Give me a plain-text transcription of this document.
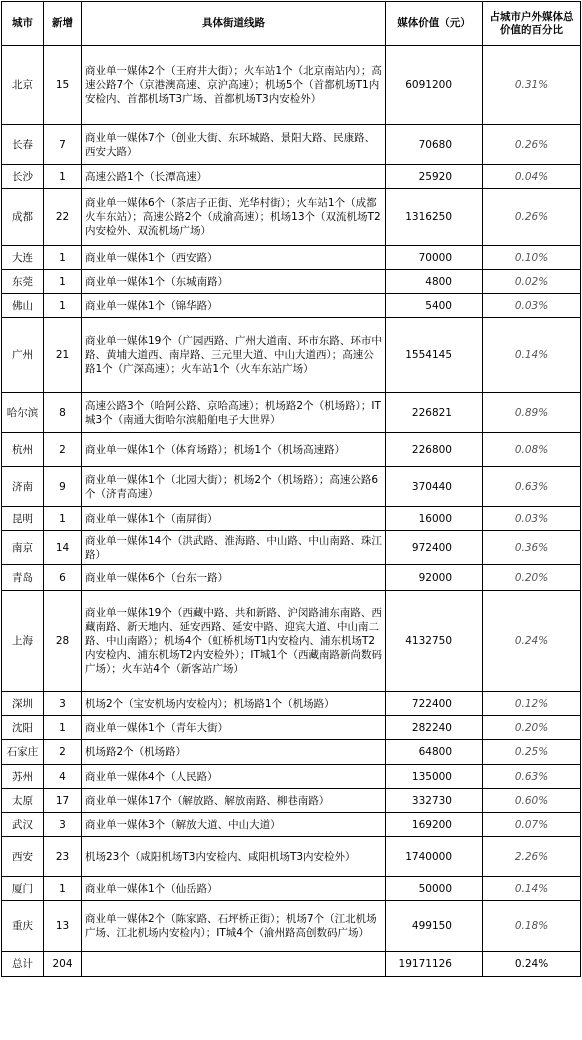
城市	新增	具体街道线路	媒体价值（元）	占城市户外媒体总价值的百分比
北京	15	商业单一媒体2个（王府井大街）；火车站1个（北京南站内）；高速公路7个（京港澳高速、京沪高速）；机场5个（首都机场T1内安检内、首都机场T3广场、首都机场T3内安检外）	6091200	0.31%
长春	7	商业单一媒体7个（创业大街、东环城路、景阳大路、民康路、西安大路）	70680	0.26%
长沙	1	高速公路1个（长潭高速）	25920	0.04%
成都	22	商业单一媒体6个（茶店子正街、光华村街）；火车站1个（成都火车东站）；高速公路2个（成渝高速）；机场13个（双流机场T2内安检外、双流机场广场）	1316250	0.26%
大连	1	商业单一媒体1个（西安路）	70000	0.10%
东莞	1	商业单一媒体1个（东城南路）	4800	0.02%
佛山	1	商业单一媒体1个（锦华路）	5400	0.03%
广州	21	商业单一媒体19个（广园西路、广州大道南、环市东路、环市中路、黄埔大道西、南岸路、三元里大道、中山大道西）；高速公路1个（广深高速）；火车站1个（火车东站广场）	1554145	0.14%
哈尔滨	8	高速公路3个（哈阿公路、京哈高速）；机场路2个（机场路）；IT城3个（南通大街哈尔滨船舶电子大世界）	226821	0.89%
杭州	2	商业单一媒体1个（体育场路）；机场1个（机场高速路）	226800	0.08%
济南	9	商业单一媒体1个（北园大街）；机场2个（机场路）；高速公路6个（济青高速）	370440	0.63%
昆明	1	商业单一媒体1个（南屏街）	16000	0.03%
南京	14	商业单一媒体14个（洪武路、淮海路、中山路、中山南路、珠江路）	972400	0.36%
青岛	6	商业单一媒体6个（台东一路）	92000	0.20%
上海	28	商业单一媒体19个（西藏中路、共和新路、沪闵路浦东南路、西藏南路、新天地内、延安西路、延安中路、迎宾大道、中山南二路、中山南路）；机场4个（虹桥机场T1内安检内、浦东机场T2内安检内、浦东机场T2内安检外）；IT城1个（西藏南路新尚数码广场）；火车站4个（新客站广场）	4132750	0.24%
深圳	3	机场2个（宝安机场内安检内）；机场路1个（机场路）	722400	0.12%
沈阳	1	商业单一媒体1个（青年大街）	282240	0.20%
石家庄	2	机场路2个（机场路）	64800	0.25%
苏州	4	商业单一媒体4个（人民路）	135000	0.63%
太原	17	商业单一媒体17个（解放路、解放南路、柳巷南路）	332730	0.60%
武汉	3	商业单一媒体3个（解放大道、中山大道）	169200	0.07%
西安	23	机场23个（咸阳机场T3内安检内、咸阳机场T3内安检外）	1740000	2.26%
厦门	1	商业单一媒体1个（仙岳路）	50000	0.14%
重庆	13	商业单一媒体2个（陈家路、石坪桥正街）；机场7个（江北机场广场、江北机场内安检内）；IT城4个（渝州路高创数码广场）	499150	0.18%
总计	204		19171126	0.24%
